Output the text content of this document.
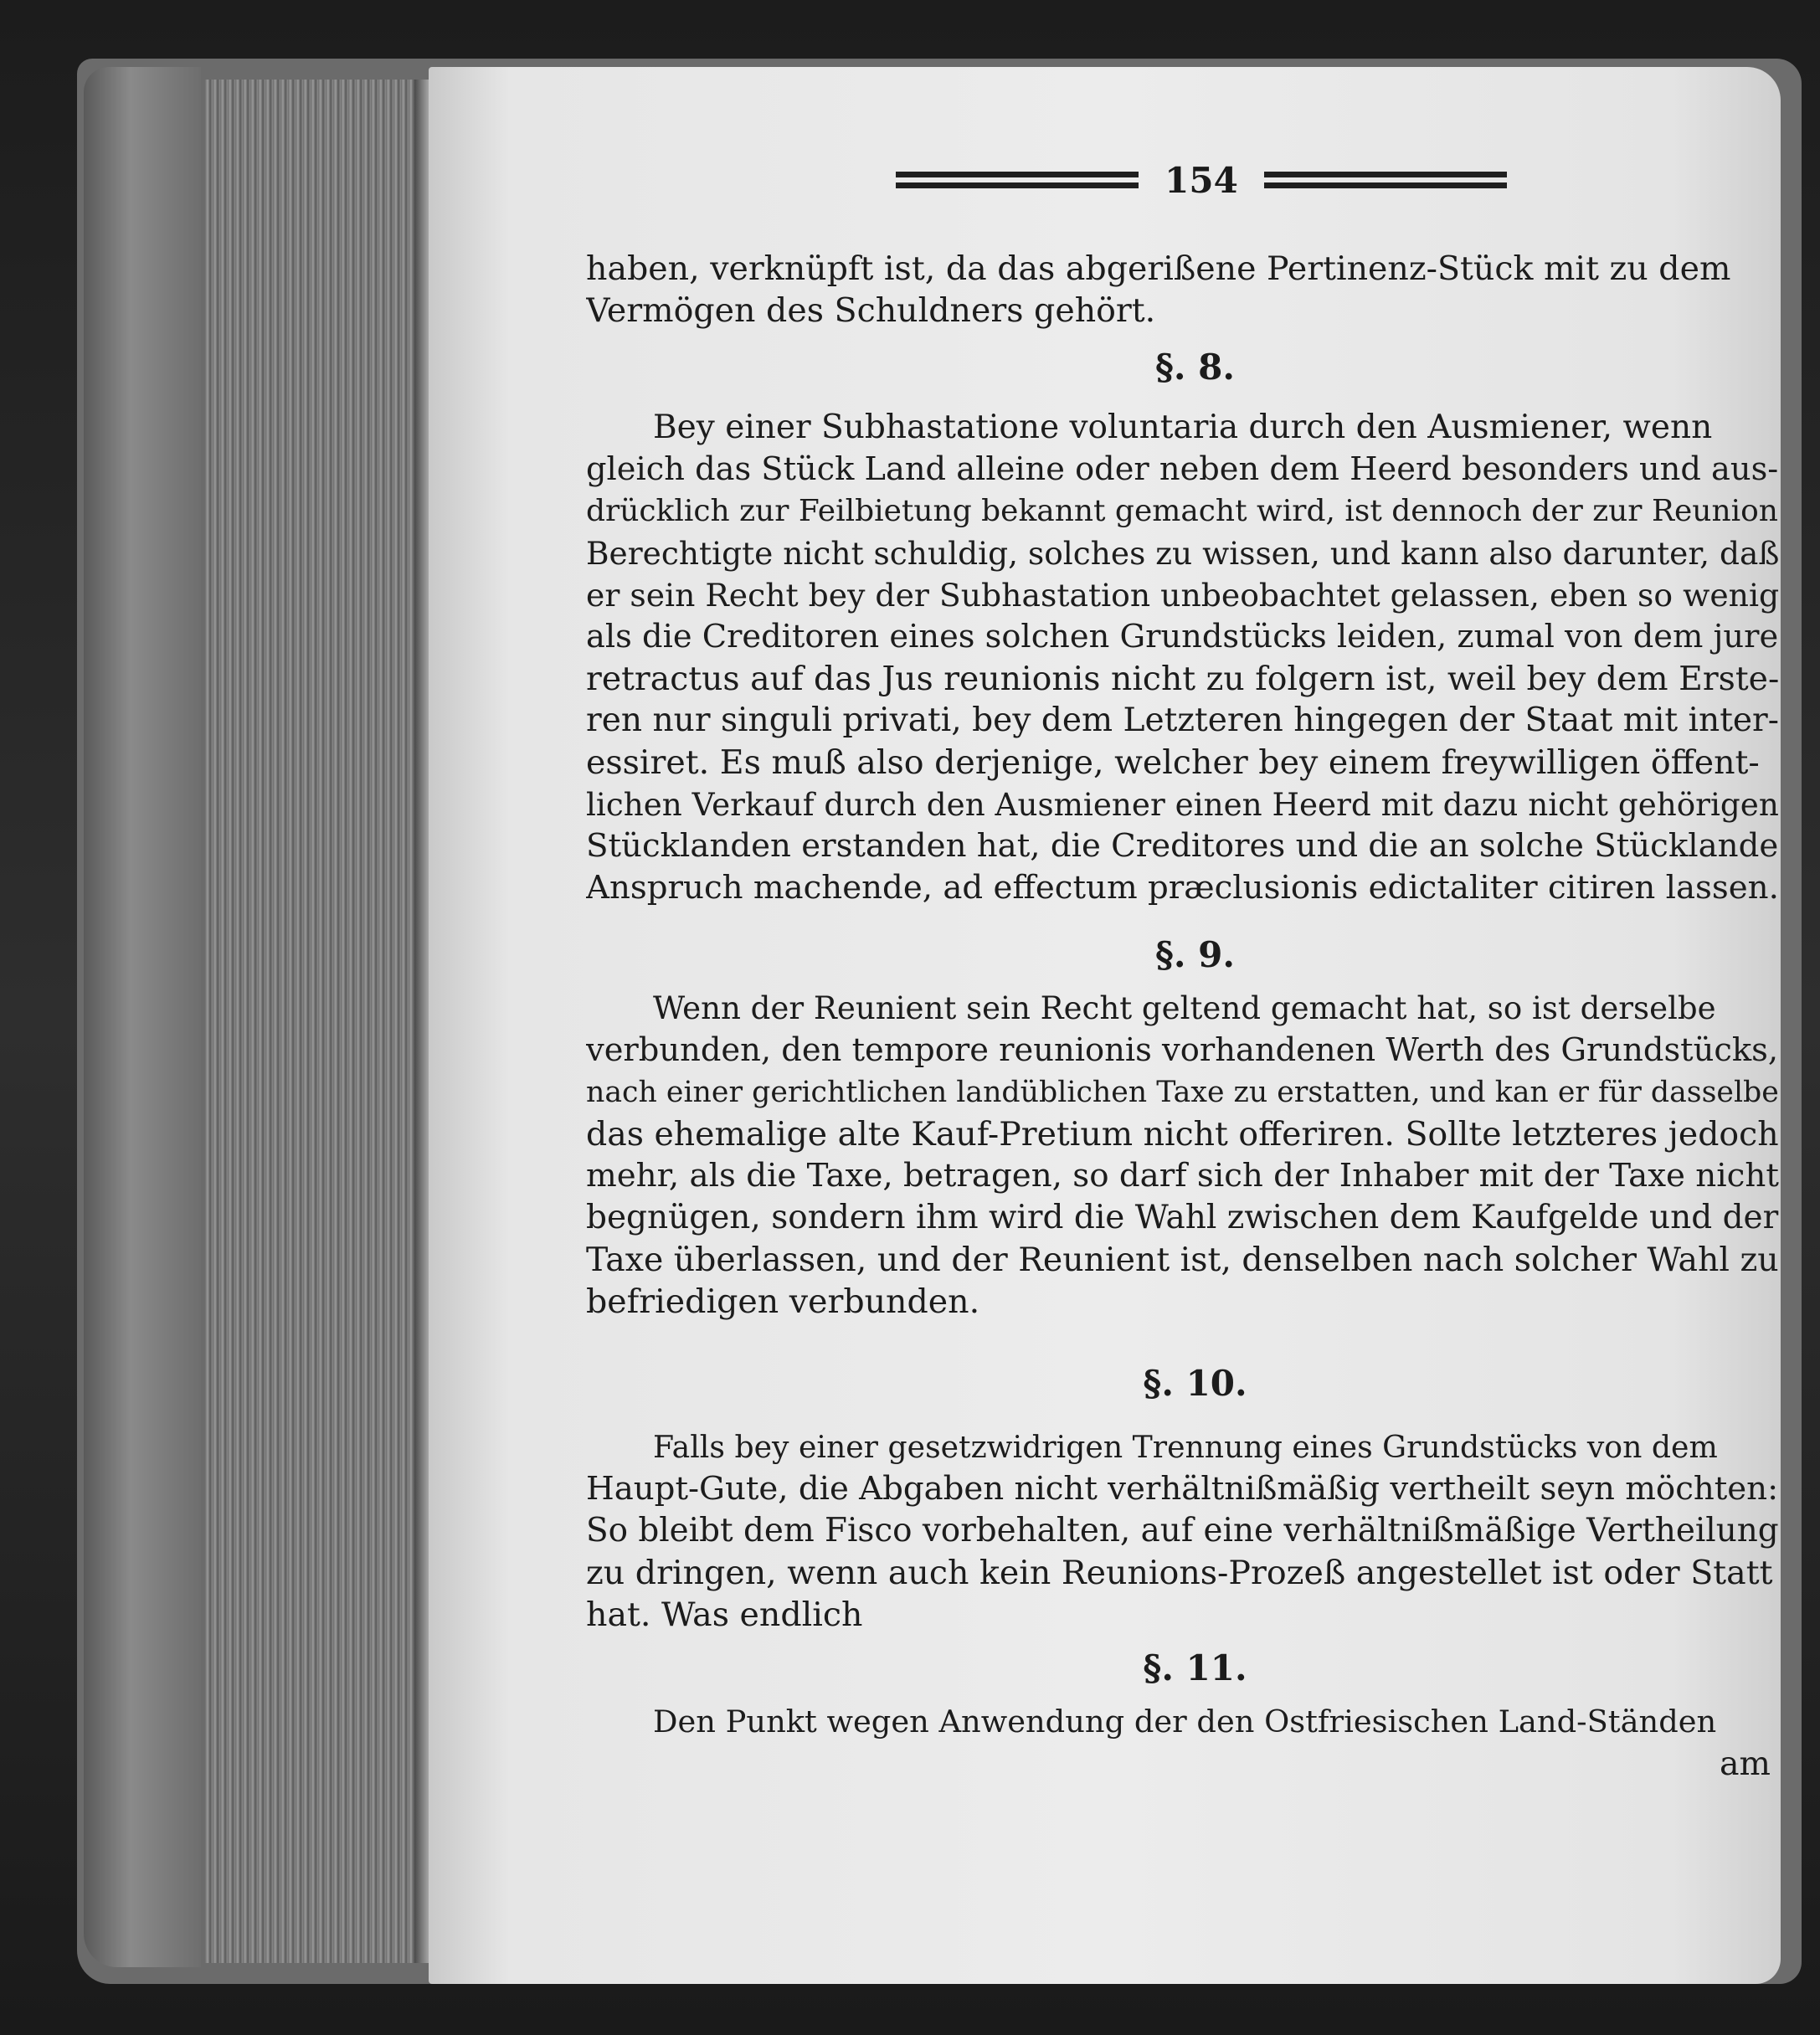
154

haben, verknüpft ist, da das abgerißene Pertinenz-Stück mit zu dem
Vermögen des Schuldners gehört.

§. 8.

Bey einer Subhastatione voluntaria durch den Ausmiener, wenn
gleich das Stück Land alleine oder neben dem Heerd besonders und aus-
drücklich zur Feilbietung bekannt gemacht wird, ist dennoch der zur Reunion
Berechtigte nicht schuldig, solches zu wissen, und kann also darunter, daß
er sein Recht bey der Subhastation unbeobachtet gelassen, eben so wenig
als die Creditoren eines solchen Grundstücks leiden, zumal von dem jure
retractus auf das Jus reunionis nicht zu folgern ist, weil bey dem Erste-
ren nur singuli privati, bey dem Letzteren hingegen der Staat mit inter-
essiret. Es muß also derjenige, welcher bey einem freywilligen öffent-
lichen Verkauf durch den Ausmiener einen Heerd mit dazu nicht gehörigen
Stücklanden erstanden hat, die Creditores und die an solche Stücklande
Anspruch machende, ad effectum præclusionis edictaliter citiren lassen.

§. 9.

Wenn der Reunient sein Recht geltend gemacht hat, so ist derselbe
verbunden, den tempore reunionis vorhandenen Werth des Grundstücks,
nach einer gerichtlichen landüblichen Taxe zu erstatten, und kan er für dasselbe
das ehemalige alte Kauf-Pretium nicht offeriren. Sollte letzteres jedoch
mehr, als die Taxe, betragen, so darf sich der Inhaber mit der Taxe nicht
begnügen, sondern ihm wird die Wahl zwischen dem Kaufgelde und der
Taxe überlassen, und der Reunient ist, denselben nach solcher Wahl zu
befriedigen verbunden.

§. 10.

Falls bey einer gesetzwidrigen Trennung eines Grundstücks von dem
Haupt-Gute, die Abgaben nicht verhältnißmäßig vertheilt seyn möchten:
So bleibt dem Fisco vorbehalten, auf eine verhältnißmäßige Vertheilung
zu dringen, wenn auch kein Reunions-Prozeß angestellet ist oder Statt
hat. Was endlich

§. 11.

Den Punkt wegen Anwendung der den Ostfriesischen Land-Ständen
am
